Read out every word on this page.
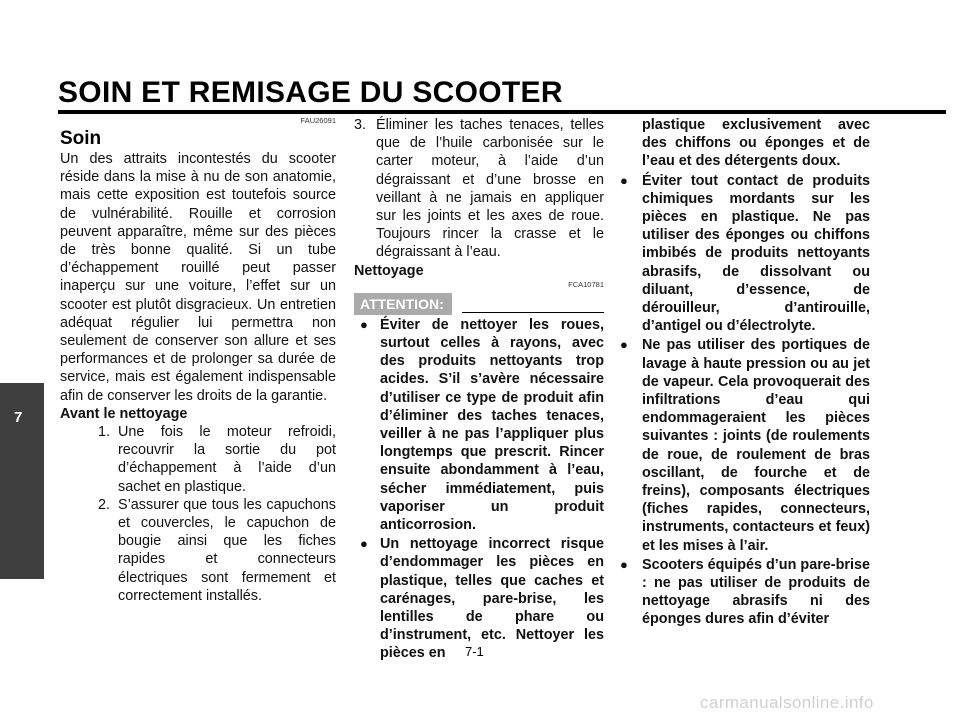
SOIN ET REMISAGE DU SCOOTER
7
FAU26091
Soin

Un des attraits incontestés du scooter réside dans la mise à nu de son anatomie, mais cette exposition est toutefois source de vulnérabilité. Rouille et corrosion peuvent apparaître, même sur des pièces de très bonne qualité. Si un tube d’échappement rouillé peut passer inaperçu sur une voiture, l’effet sur un scooter est plutôt disgracieux. Un entretien adéquat régulier lui permettra non seulement de conserver son allure et ses performances et de prolonger sa durée de service, mais est également indispensable afin de conserver les droits de la garantie.

Avant le nettoyage
1. Une fois le moteur refroidi, recouvrir la sortie du pot d’échappement à l’aide d’un sachet en plastique.
2. S’assurer que tous les capuchons et couvercles, le capuchon de bougie ainsi que les fiches rapides et connecteurs électriques sont fermement et correctement installés.
3. Éliminer les taches tenaces, telles que de l’huile carbonisée sur le carter moteur, à l’aide d’un dégraissant et d’une brosse en veillant à ne jamais en appliquer sur les joints et les axes de roue. Toujours rincer la crasse et le dégraissant à l’eau.
Nettoyage
FCA10781
ATTENTION:
● Éviter de nettoyer les roues, surtout celles à rayons, avec des produits nettoyants trop acides. S’il s’avère nécessaire d’utiliser ce type de produit afin d’éliminer des taches tenaces, veiller à ne pas l’appliquer plus longtemps que prescrit. Rincer ensuite abondamment à l’eau, sécher immédiatement, puis vaporiser un produit anticorrosion.
● Un nettoyage incorrect risque d’endommager les pièces en plastique, telles que caches et carénages, pare-brise, les lentilles de phare ou d’instrument, etc. Nettoyer les pièces en
plastique exclusivement avec des chiffons ou éponges et de l’eau et des détergents doux.
● Éviter tout contact de produits chimiques mordants sur les pièces en plastique. Ne pas utiliser des éponges ou chiffons imbibés de produits nettoyants abrasifs, de dissolvant ou diluant, d’essence, de dérouilleur, d’antirouille, d’antigel ou d’électrolyte.
● Ne pas utiliser des portiques de lavage à haute pression ou au jet de vapeur. Cela provoquerait des infiltrations d’eau qui endommageraient les pièces suivantes : joints (de roulements de roue, de roulement de bras oscillant, de fourche et de freins), composants électriques (fiches rapides, connecteurs, instruments, contacteurs et feux) et les mises à l’air.
● Scooters équipés d’un pare-brise : ne pas utiliser de produits de nettoyage abrasifs ni des éponges dures afin d’éviter
7-1
carmanualsonline.info
